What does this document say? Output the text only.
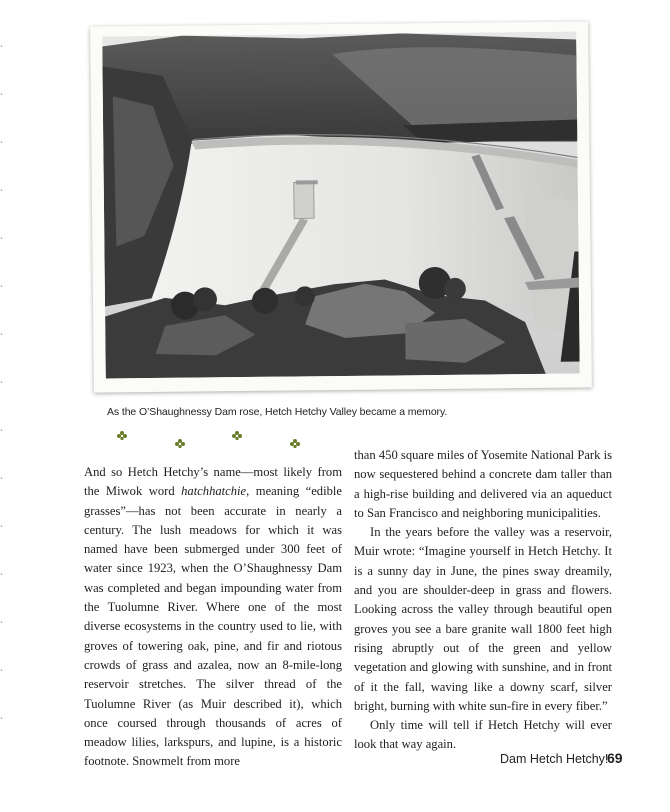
As the O’Shaughnessy Dam rose, Hetch Hetchy Valley became a memory.

And so Hetch Hetchy’s name—most likely from the Miwok word hatchhatchie, meaning “edible grasses”—has not been accurate in nearly a century. The lush meadows for which it was named have been submerged under 300 feet of water since 1923, when the O’Shaughnessy Dam was completed and began impounding water from the Tuolumne River. Where one of the most diverse ecosystems in the country used to lie, with groves of towering oak, pine, and fir and riotous crowds of grass and azalea, now an 8-mile-long reservoir stretches. The silver thread of the Tuolumne River (as Muir described it), which once coursed through thousands of acres of meadow lilies, larkspurs, and lupine, is a historic footnote. Snowmelt from more

than 450 square miles of Yosemite National Park is now sequestered behind a concrete dam taller than a high-rise building and delivered via an aqueduct to San Francisco and neighboring municipalities.

In the years before the valley was a reservoir, Muir wrote: “Imagine yourself in Hetch Hetchy. It is a sunny day in June, the pines sway dreamily, and you are shoulder-deep in grass and flowers. Looking across the valley through beautiful open groves you see a bare granite wall 1800 feet high rising abruptly out of the green and yellow vegetation and glowing with sunshine, and in front of it the fall, waving like a downy scarf, silver bright, burning with white sun-fire in every fiber.”

Only time will tell if Hetch Hetchy will ever look that way again.

Dam Hetch Hetchy!
69
